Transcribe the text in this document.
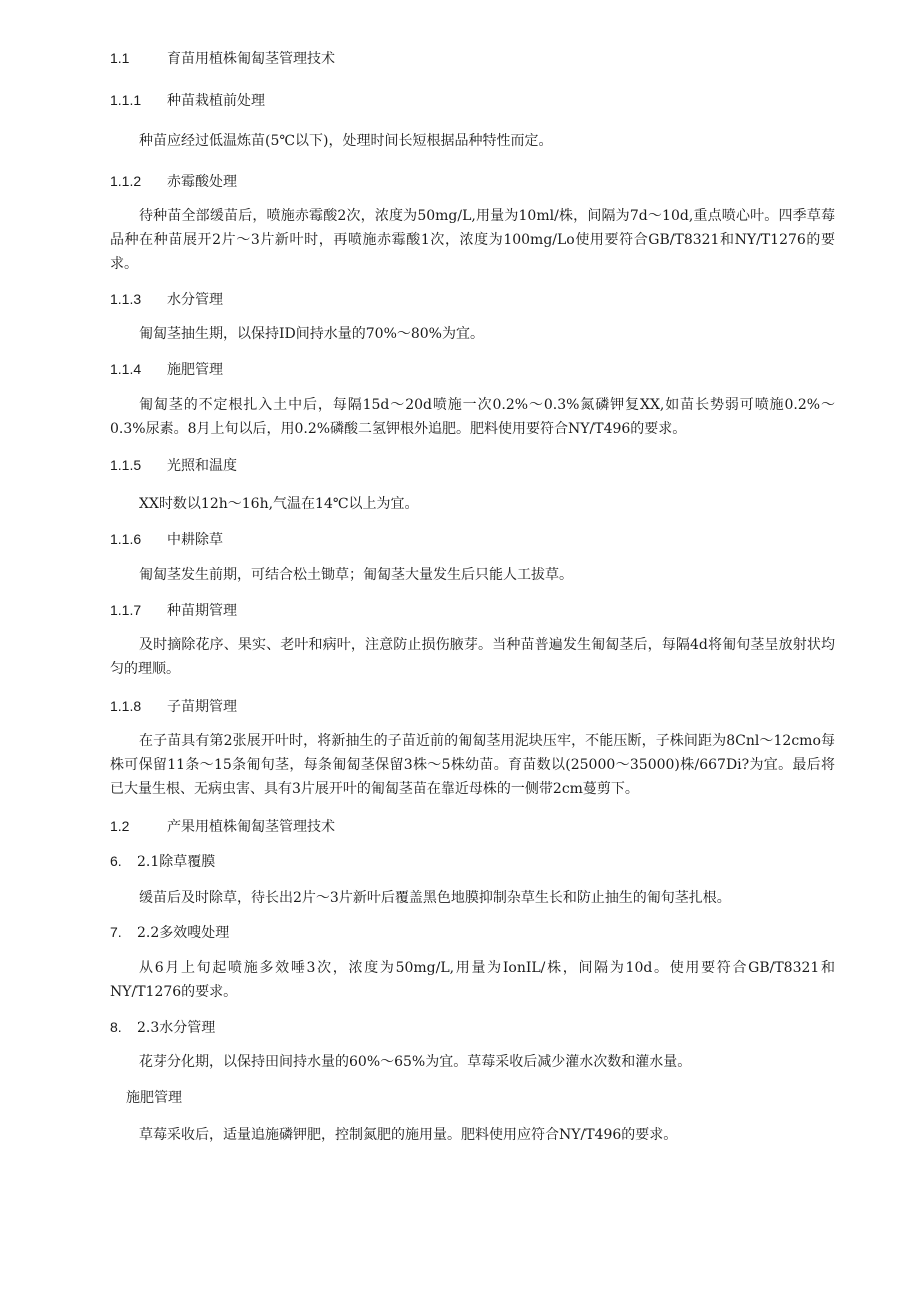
1.1	育苗用植株匍匐茎管理技术
1.1.1 种苗栽植前处理

种苗应经过低温炼苗(5℃以下)，处理时间长短根据品种特性而定。

1.1.2 赤霉酸处理

待种苗全部缓苗后，喷施赤霉酸2次，浓度为50mg∕L,用量为10ml/株，间隔为7d～10d,重点喷心叶。四季草莓品种在种苗展开2片～3片新叶时，再喷施赤霉酸1次，浓度为100mg/Lo使用要符合GB/T8321和NY/T1276的要求。

1.1.3 水分管理

匍匐茎抽生期，以保持ID间持水量的70%～80%为宜。

1.1.4 施肥管理

匍匐茎的不定根扎入土中后，每隔15d～20d喷施一次0.2%～0.3%氮磷钾复XX,如苗长势弱可喷施0.2%～0.3%尿素。8月上旬以后，用0.2%磷酸二氢钾根外追肥。肥料使用要符合NY/T496的要求。

1.1.5 光照和温度

XX时数以12h～16h,气温在14℃以上为宜。

1.1.6 中耕除草

匍匐茎发生前期，可结合松土锄草；匍匐茎大量发生后只能人工拔草。

1.1.7 种苗期管理

及时摘除花序、果实、老叶和病叶，注意防止损伤腋芽。当种苗普遍发生匍匐茎后，每隔4d将匍旬茎呈放射状均匀的理顺。

1.1.8 子苗期管理

在子苗具有第2张展开叶时，将新抽生的子苗近前的匍匐茎用泥块压牢，不能压断，子株间距为8Cnl～12cmo每株可保留11条～15条匍旬茎，每条匍匐茎保留3株～5株幼苗。育苗数以(25000～35000)株/667Di?为宜。最后将已大量生根、无病虫害、具有3片展开叶的匍匐茎苗在靠近母株的一侧带2cm蔓剪下。

1.2	产果用植株匍匐茎管理技术
6. 2.1除草覆膜

缓苗后及时除草，待长出2片～3片新叶后覆盖黑色地膜抑制杂草生长和防止抽生的匍旬茎扎根。

7. 2.2多效嗖处理

从6月上旬起喷施多效唾3次，浓度为50mg∕L,用量为IonIL/株，间隔为10d。使用要符合GB/T8321和NY/T1276的要求。

8. 2.3水分管理

花芽分化期，以保持田间持水量的60%～65%为宜。草莓采收后减少灌水次数和灌水量。

施肥管理

草莓采收后，适量追施磷钾肥，控制氮肥的施用量。肥料使用应符合NY/T496的要求。
